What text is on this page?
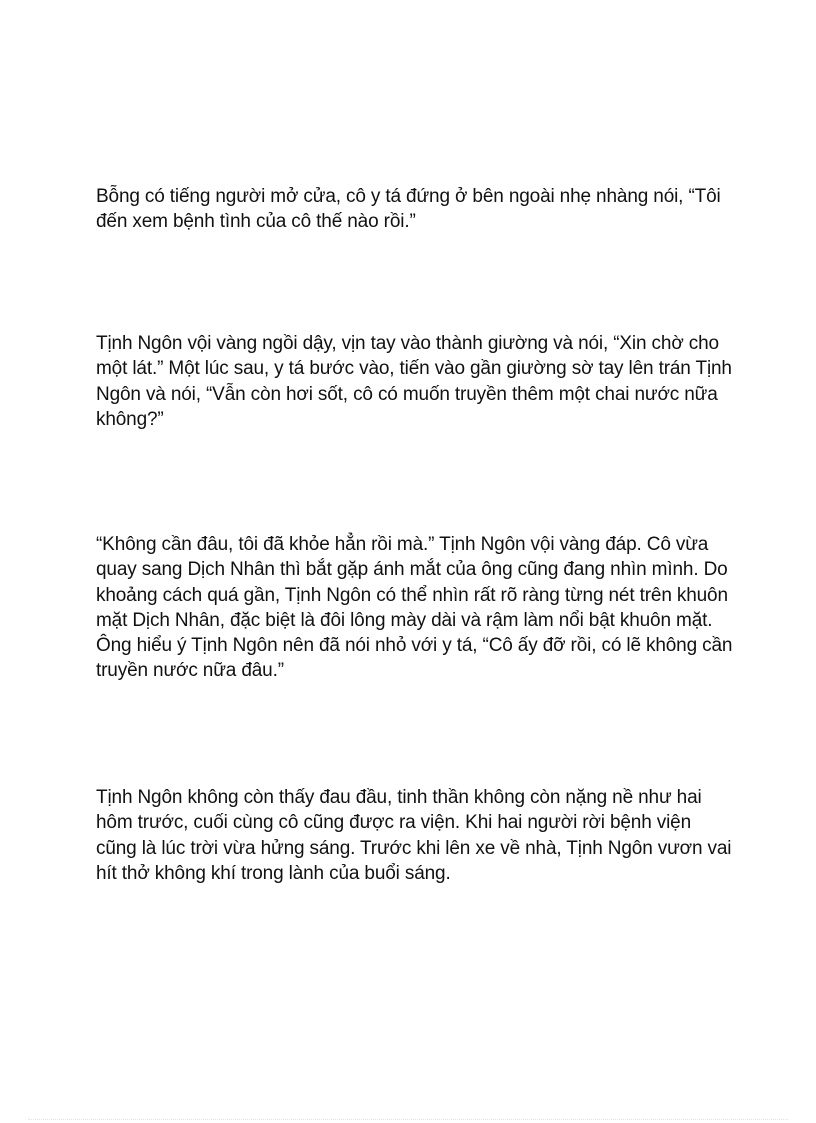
Bỗng có tiếng người mở cửa, cô y tá đứng ở bên ngoài nhẹ nhàng nói, “Tôi đến xem bệnh tình của cô thế nào rồi.”

Tịnh Ngôn vội vàng ngồi dậy, vịn tay vào thành giường và nói, “Xin chờ cho một lát.” Một lúc sau, y tá bước vào, tiến vào gần giường sờ tay lên trán Tịnh Ngôn và nói, “Vẫn còn hơi sốt, cô có muốn truyền thêm một chai nước nữa không?”

“Không cần đâu, tôi đã khỏe hẳn rồi mà.” Tịnh Ngôn vội vàng đáp. Cô vừa quay sang Dịch Nhân thì bắt gặp ánh mắt của ông cũng đang nhìn mình. Do khoảng cách quá gần, Tịnh Ngôn có thể nhìn rất rõ ràng từng nét trên khuôn mặt Dịch Nhân, đặc biệt là đôi lông mày dài và rậm làm nổi bật khuôn mặt. Ông hiểu ý Tịnh Ngôn nên đã nói nhỏ với y tá, “Cô ấy đỡ rồi, có lẽ không cần truyền nước nữa đâu.”

Tịnh Ngôn không còn thấy đau đầu, tinh thần không còn nặng nề như hai hôm trước, cuối cùng cô cũng được ra viện. Khi hai người rời bệnh viện cũng là lúc trời vừa hửng sáng. Trước khi lên xe về nhà, Tịnh Ngôn vươn vai hít thở không khí trong lành của buổi sáng.
